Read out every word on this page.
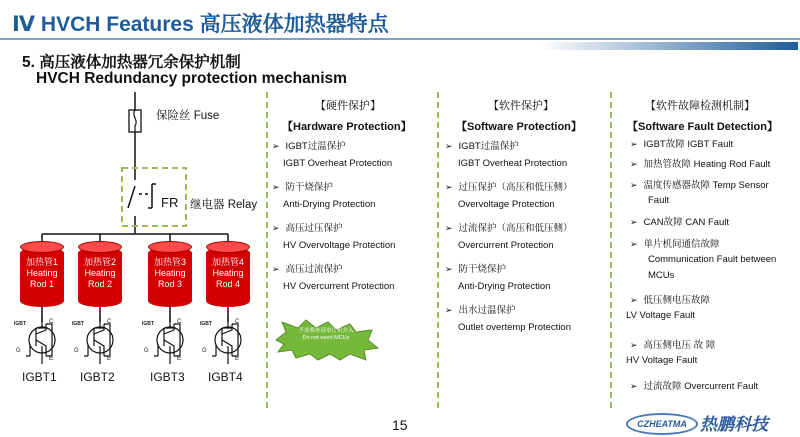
Ⅳ HVCH Features 高压液体加热器特点
5. 高压液体加热器冗余保护机制
HVCH Redundancy protection mechanism
保险丝 Fuse
FR 继电器 Relay
加热管1
Heating
Rod 1
加热管2
Heating
Rod 2
加热管3
Heating
Rod 3
加热管4
Heating
Rod 4
IGBT	C
G
E
IGBT1
IGBT	C
G
E
IGBT2
IGBT	C
G
E
IGBT3
IGBT	C
G
E
IGBT4
不需要外部单片机介入
Do not need MCUs
【硬件保护】
【Hardware Protection】
➢ IGBT过温保护
IGBT Overheat Protection
➢ 防干烧保护
Anti-Drying Protection
➢ 高压过压保护
HV Overvoltage Protection
➢ 高压过流保护
HV Overcurrent Protection
【软件保护】
【Software Protection】
➢ IGBT过温保护
IGBT Overheat Protection
➢ 过压保护（高压和低压侧）
Overvoltage Protection
➢ 过流保护（高压和低压侧）
Overcurrent Protection
➢ 防干烧保护
Anti-Drying Protection
➢ 出水过温保护
Outlet overtemp Protection
【软件故障检测机制】
【Software Fault Detection】
➢ IGBT故障 IGBT Fault
➢ 加热管故障 Heating Rod Fault
➢ 温度传感器故障 Temp Sensor
Fault
➢ CAN故障 CAN Fault
➢ 单片机间通信故障
Communication Fault between
MCUs
➢ 低压侧电压故障
LV Voltage Fault
➢ 高压侧电压 故 障
HV Voltage Fault
➢ 过流故障 Overcurrent Fault
15	CZHEATMA 热鹏科技
